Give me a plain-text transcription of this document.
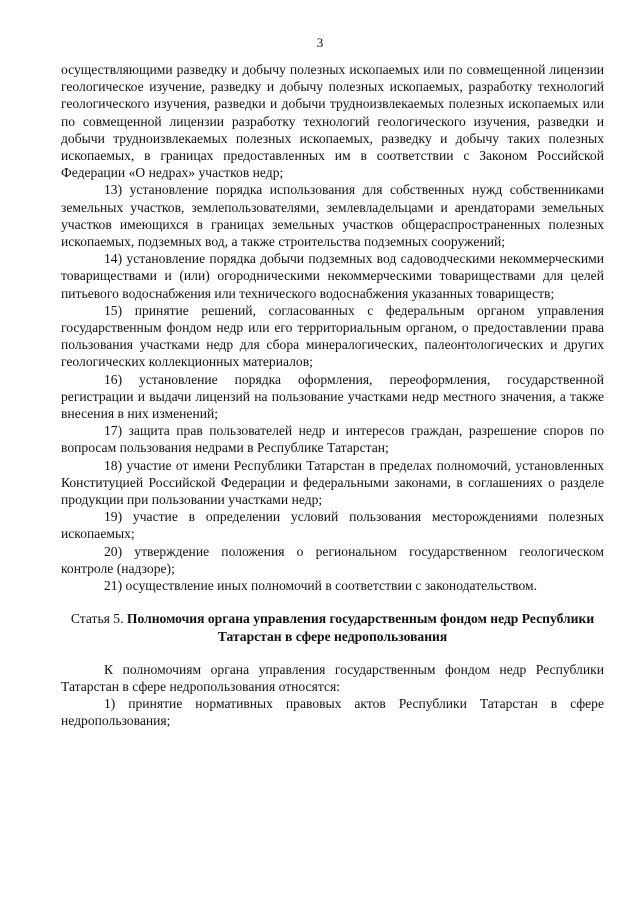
3

осуществляющими разведку и добычу полезных ископаемых или по совмещенной лицензии геологическое изучение, разведку и добычу полезных ископаемых, разработку технологий геологического изучения, разведки и добычи трудноизвлекаемых полезных ископаемых или по совмещенной лицензии разработку технологий геологического изучения, разведки и добычи трудноизвлекаемых полезных ископаемых, разведку и добычу таких полезных ископаемых, в границах предоставленных им в соответствии с Законом Российской Федерации «О недрах» участков недр;

13) установление порядка использования для собственных нужд собственниками земельных участков, землепользователями, землевладельцами и арендаторами земельных участков имеющихся в границах земельных участков общераспространенных полезных ископаемых, подземных вод, а также строительства подземных сооружений;

14) установление порядка добычи подземных вод садоводческими некоммерческими товариществами и (или) огородническими некоммерческими товариществами для целей питьевого водоснабжения или технического водоснабжения указанных товариществ;

15) принятие решений, согласованных с федеральным органом управления государственным фондом недр или его территориальным органом, о предоставлении права пользования участками недр для сбора минералогических, палеонтологических и других геологических коллекционных материалов;

16) установление порядка оформления, переоформления, государственной регистрации и выдачи лицензий на пользование участками недр местного значения, а также внесения в них изменений;

17) защита прав пользователей недр и интересов граждан, разрешение споров по вопросам пользования недрами в Республике Татарстан;

18) участие от имени Республики Татарстан в пределах полномочий, установленных Конституцией Российской Федерации и федеральными законами, в соглашениях о разделе продукции при пользовании участками недр;

19) участие в определении условий пользования месторождениями полезных ископаемых;

20) утверждение положения о региональном государственном геологическом контроле (надзоре);

21) осуществление иных полномочий в соответствии с законодательством.

Статья 5. Полномочия органа управления государственным фондом недр Республики Татарстан в сфере недропользования

К полномочиям органа управления государственным фондом недр Республики Татарстан в сфере недропользования относятся:

1) принятие нормативных правовых актов Республики Татарстан в сфере недропользования;
